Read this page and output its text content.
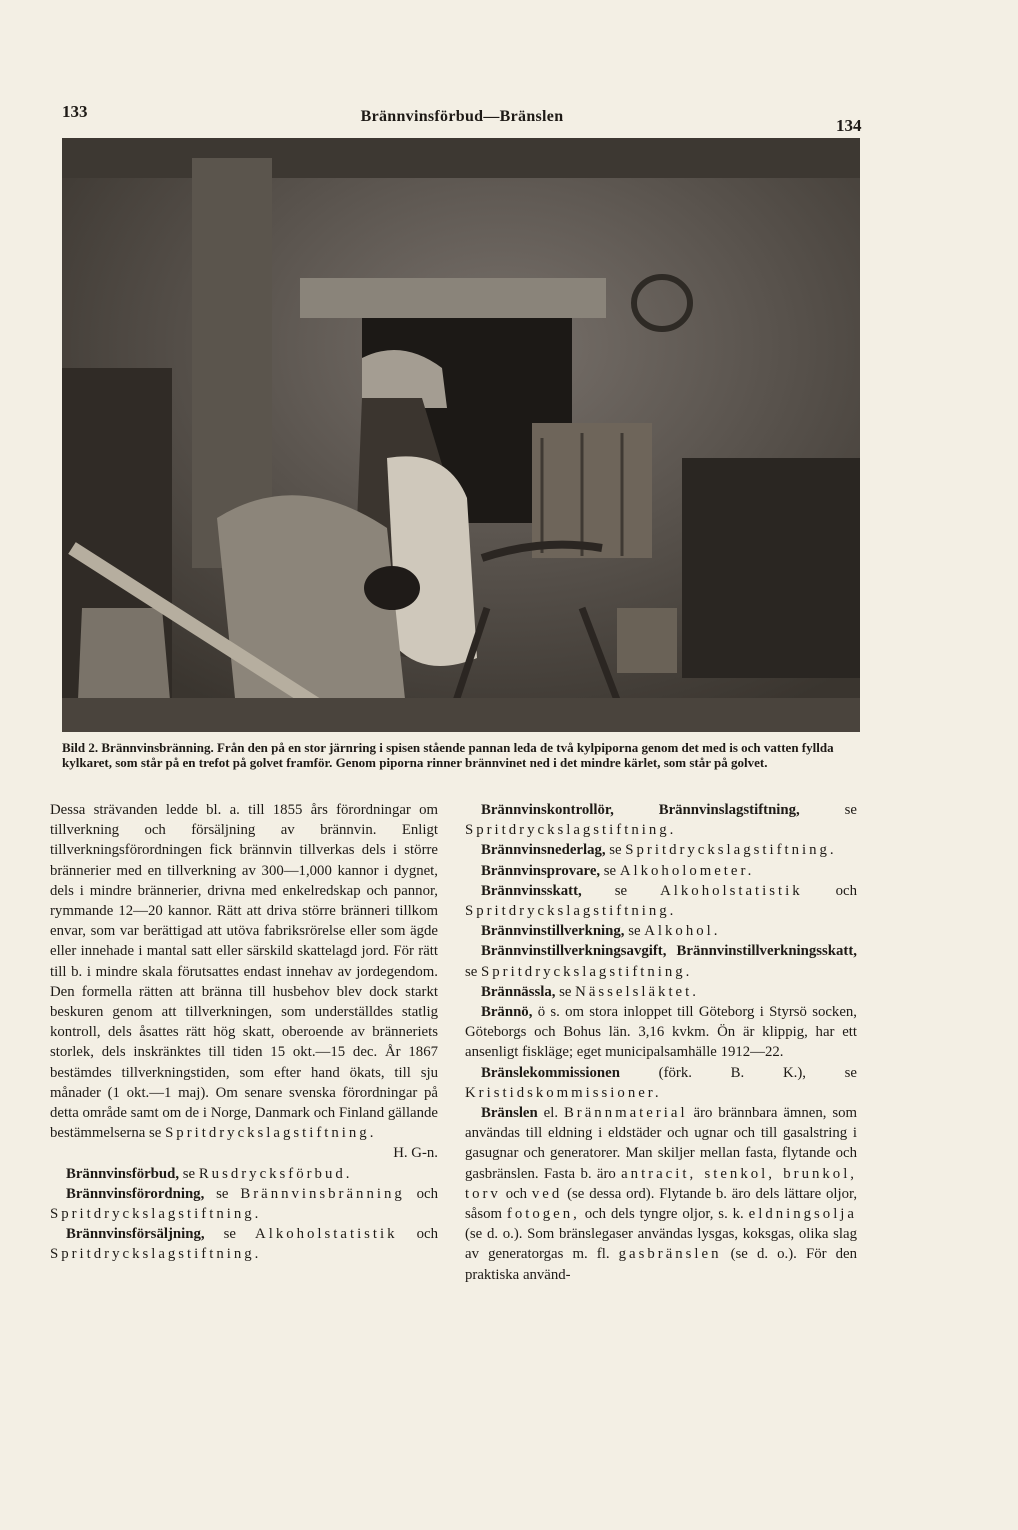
133	Brännvinsförbud—Bränslen	134
Bild 2. Brännvinsbränning. Från den på en stor järnring i spisen stående pannan leda de två kylpiporna genom det med is och vatten fyllda kylkaret, som står på en trefot på golvet framför. Genom piporna rinner brännvinet ned i det mindre kärlet, som står på golvet.

Dessa strävanden ledde bl. a. till 1855 års förordningar om tillverkning och försäljning av brännvin. Enligt tillverkningsförordningen fick brännvin tillverkas dels i större brännerier med en tillverkning av 300—1,000 kannor i dygnet, dels i mindre brännerier, drivna med enkelredskap och pannor, rymmande 12—20 kannor. Rätt att driva större bränneri tillkom envar, som var berättigad att utöva fabriksrörelse eller som ägde eller innehade i mantal satt eller särskild skattelagd jord. För rätt till b. i mindre skala förutsattes endast innehav av jordegendom. Den formella rätten att bränna till husbehov blev dock starkt beskuren genom att tillverkningen, som underställdes statlig kontroll, dels åsattes rätt hög skatt, oberoende av bränneriets storlek, dels inskränktes till tiden 15 okt.—15 dec. År 1867 bestämdes tillverkningstiden, som efter hand ökats, till sju månader (1 okt.—1 maj). Om senare svenska förordningar på detta område samt om de i Norge, Danmark och Finland gällande bestämmelserna se Spritdryckslagstiftning.

H. G-n.

Brännvinsförbud, se Rusdrycksförbud.

Brännvinsförordning, se Brännvinsbränning och Spritdryckslagstiftning.

Brännvinsförsäljning, se Alkoholstatistik och Spritdryckslagstiftning.

Brännvinskontrollör, Brännvinslagstiftning,	se Spritdryckslagstiftning.

Brännvinsnederlag, se Spritdryckslagstiftning.

Brännvinsprovare, se Alkoholometer.

Brännvinsskatt, se Alkoholstatistik och Spritdryckslagstiftning.

Brännvinstillverkning, se Alkohol.

Brännvinstillverkningsavgift, Brännvinstillverkningsskatt, se Spritdryckslagstiftning.

Brännässla, se Nässelsläktet.

Brännö, ö s. om stora inloppet till Göteborg i Styrsö socken, Göteborgs och Bohus län. 3,16 kvkm. Ön är klippig, har ett ansenligt fiskläge; eget municipalsamhälle 1912—22.

Bränslekommissionen	(förk. B. K.), se Kristidskommissioner.

Bränslen el. Brännmaterial äro brännbara ämnen, som användas till eldning i eldstäder och ugnar och till gasalstring i gasugnar och generatorer. Man skiljer mellan fasta, flytande och gasbränslen. Fasta b. äro antracit, stenkol, brunkol, torv och ved (se dessa ord). Flytande b. äro dels lättare oljor, såsom fotogen, och dels tyngre oljor, s. k. eldningsolja (se d. o.). Som bränslegaser användas lysgas, koksgas, olika slag av generatorgas m. fl. gasbränslen (se d. o.). För den praktiska använd-
